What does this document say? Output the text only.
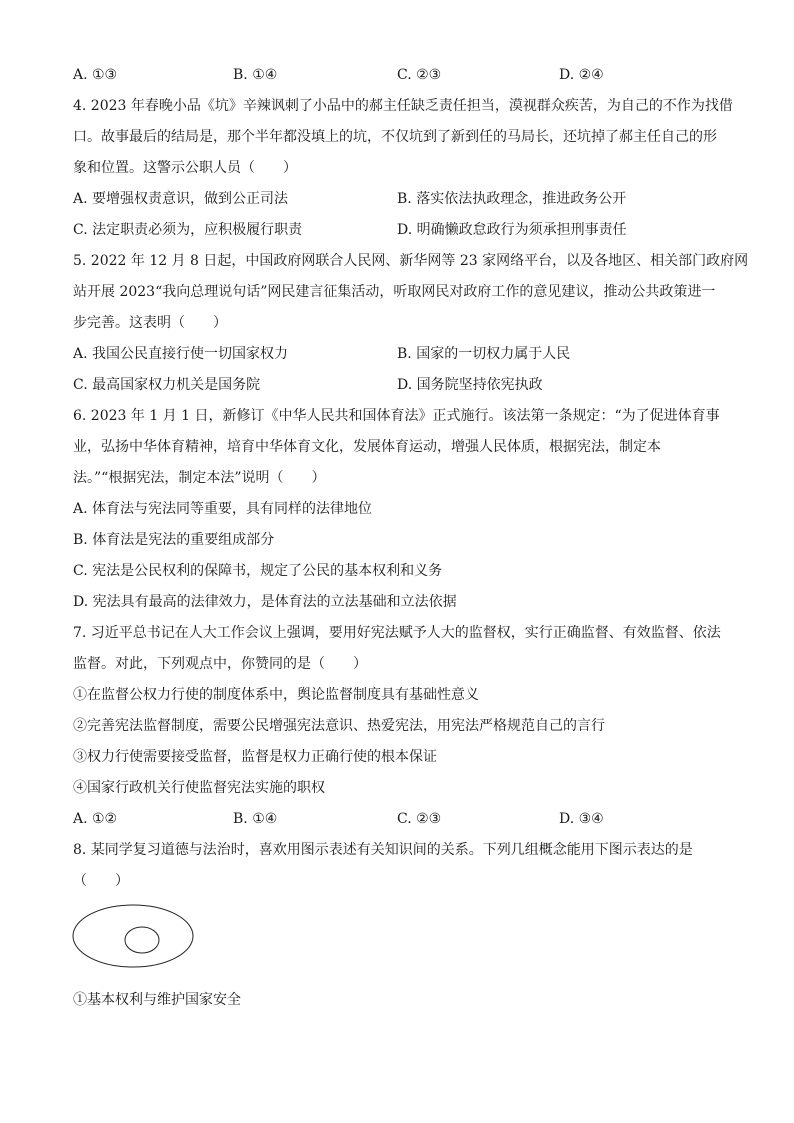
A. ①③	B. ①④	C. ②③	D. ②④
4. 2023 年春晚小品《坑》辛辣讽刺了小品中的郝主任缺乏责任担当，漠视群众疾苦，为自己的不作为找借
口。故事最后的结局是，那个半年都没填上的坑，不仅坑到了新到任的马局长，还坑掉了郝主任自己的形
象和位置。这警示公职人员（　　）
A. 要增强权责意识，做到公正司法	B. 落实依法执政理念，推进政务公开
C. 法定职责必须为，应积极履行职责	D. 明确懒政怠政行为须承担刑事责任
5. 2022 年 12 月 8 日起，中国政府网联合人民网、新华网等 23 家网络平台，以及各地区、相关部门政府网
站开展 2023“我向总理说句话”网民建言征集活动，听取网民对政府工作的意见建议，推动公共政策进一
步完善。这表明（　　）
A. 我国公民直接行使一切国家权力	B. 国家的一切权力属于人民
C. 最高国家权力机关是国务院	D. 国务院坚持依宪执政
6. 2023 年 1 月 1 日，新修订《中华人民共和国体育法》正式施行。该法第一条规定：“为了促进体育事
业，弘扬中华体育精神，培育中华体育文化，发展体育运动，增强人民体质，根据宪法，制定本
法。”“根据宪法，制定本法”说明（　　）
A. 体育法与宪法同等重要，具有同样的法律地位
B. 体育法是宪法的重要组成部分
C. 宪法是公民权利的保障书，规定了公民的基本权利和义务
D. 宪法具有最高的法律效力，是体育法的立法基础和立法依据
7. 习近平总书记在人大工作会议上强调，要用好宪法赋予人大的监督权，实行正确监督、有效监督、依法
监督。对此，下列观点中，你赞同的是（　　）
①在监督公权力行使的制度体系中，舆论监督制度具有基础性意义
②完善宪法监督制度，需要公民增强宪法意识、热爱宪法，用宪法严格规范自己的言行
③权力行使需要接受监督，监督是权力正确行使的根本保证
④国家行政机关行使监督宪法实施的职权
A. ①②	B. ①④	C. ②③	D. ③④
8. 某同学复习道德与法治时，喜欢用图示表述有关知识间的关系。下列几组概念能用下图示表达的是
（　　）
①基本权利与维护国家安全
